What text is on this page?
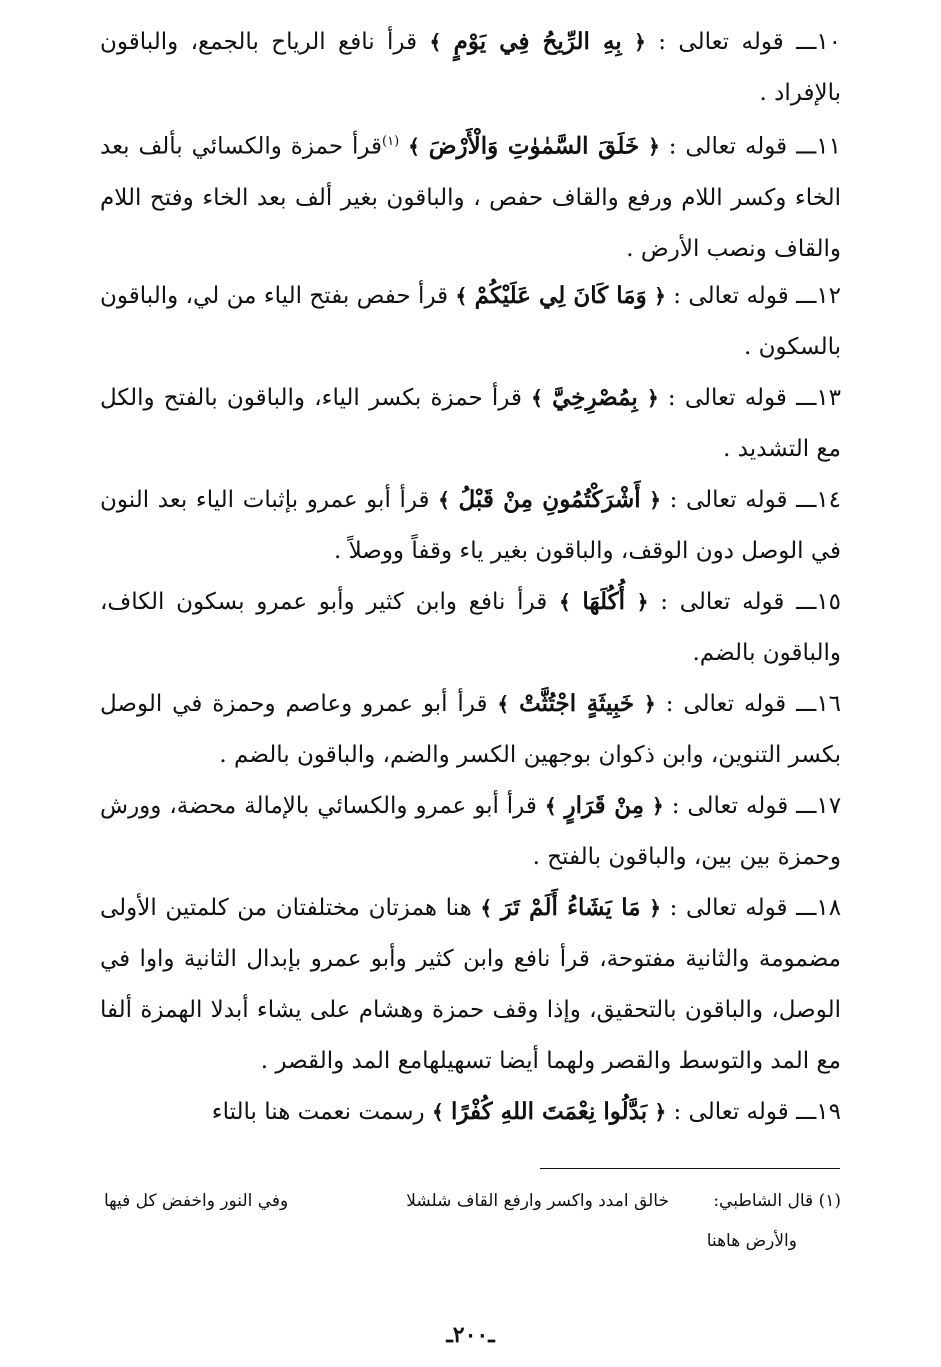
١٠ـــ قوله تعالى : ﴿ بِهِ الرِّيحُ فِي يَوْمٍ ﴾ قرأ نافع الرياح بالجمع، والباقون بالإفراد .

١١ـــ قوله تعالى : ﴿ خَلَقَ السَّمٰوٰتِ وَالْأَرْضَ ﴾ $^{(١)}$قرأ حمزة والكسائي بألف بعد الخاء وكسر اللام ورفع والقاف حفص ، والباقون بغير ألف بعد الخاء وفتح اللام والقاف ونصب الأرض .

١٢ـــ قوله تعالى : ﴿ وَمَا كَانَ لِي عَلَيْكُمْ ﴾ قرأ حفص بفتح الياء من لي، والباقون بالسكون .

١٣ـــ قوله تعالى : ﴿ بِمُصْرِخِيَّ ﴾ قرأ حمزة بكسر الياء، والباقون بالفتح والكل مع التشديد .

١٤ـــ قوله تعالى : ﴿ أَشْرَكْتُمُونِ مِنْ قَبْلُ ﴾ قرأ أبو عمرو بإثبات الياء بعد النون في الوصل دون الوقف، والباقون بغير ياء وقفاً ووصلاً .

١٥ـــ قوله تعالى : ﴿ أُكُلَهَا ﴾ قرأ نافع وابن كثير وأبو عمرو بسكون الكاف، والباقون بالضم.

١٦ـــ قوله تعالى : ﴿ خَبِيثَةٍ اجْتُثَّتْ ﴾ قرأ أبو عمرو وعاصم وحمزة في الوصل بكسر التنوين، وابن ذكوان بوجهين الكسر والضم، والباقون بالضم .

١٧ـــ قوله تعالى : ﴿ مِنْ قَرَارٍ ﴾ قرأ أبو عمرو والكسائي بالإمالة محضة، وورش وحمزة بين بين، والباقون بالفتح .

١٨ـــ قوله تعالى : ﴿ مَا يَشَاءُ أَلَمْ تَرَ ﴾ هنا همزتان مختلفتان من كلمتين الأولى مضمومة والثانية مفتوحة، قرأ نافع وابن كثير وأبو عمرو بإبدال الثانية واوا في الوصل، والباقون بالتحقيق، وإذا وقف حمزة وهشام على يشاء أبدلا الهمزة ألفا مع المد والتوسط والقصر ولهما أيضا تسهيلهامع المد والقصر .

١٩ـــ قوله تعالى : ﴿ بَدَّلُوا نِعْمَتَ اللهِ كُفْرًا ﴾ رسمت نعمت هنا بالتاء

(١) قال الشاطبي:
خالق امدد واكسر وارفع القاف شلشلا
وفي النور واخفض كل فيها
والأرض هاهنا
ـ٢٠٠ـ
